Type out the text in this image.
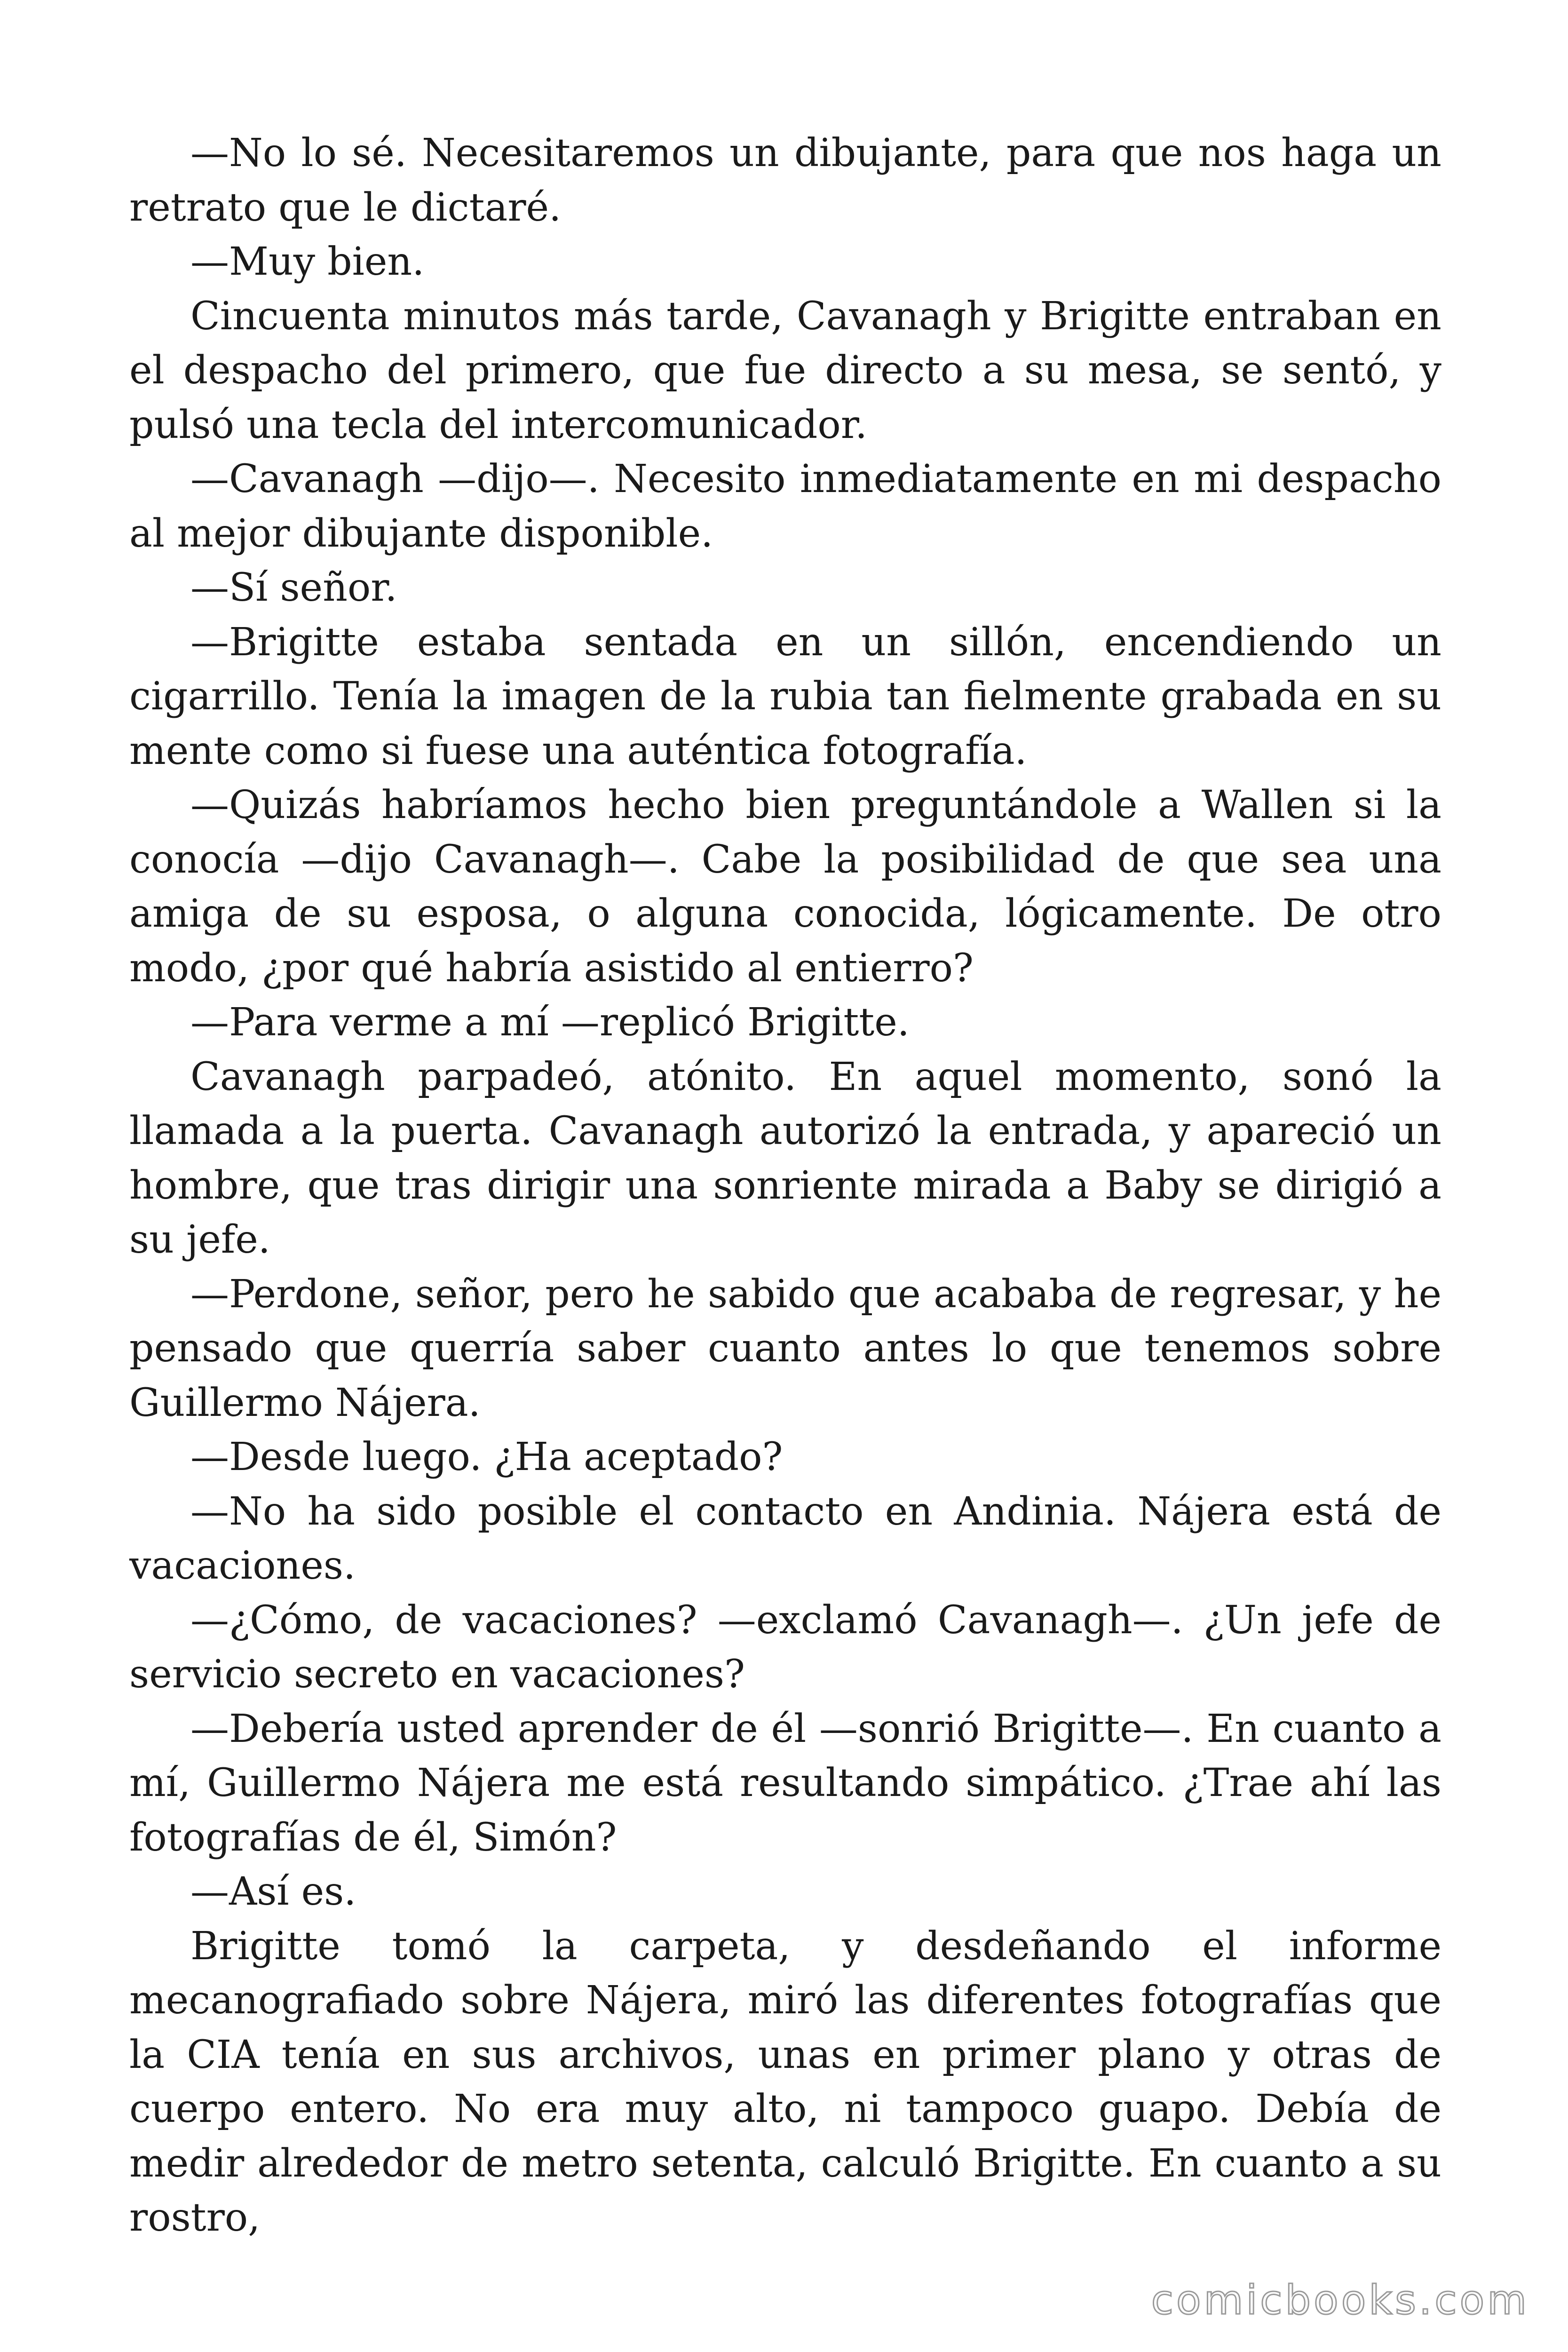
—No lo sé. Necesitaremos un dibujante, para que nos haga un retrato que le dictaré.

—Muy bien.

Cincuenta minutos más tarde, Cavanagh y Brigitte entraban en el despacho del primero, que fue directo a su mesa, se sentó, y pulsó una tecla del intercomunicador.

—Cavanagh —dijo—. Necesito inmediatamente en mi despacho al mejor dibujante disponible.

—Sí señor.

—Brigitte estaba sentada en un sillón, encendiendo un cigarrillo. Tenía la imagen de la rubia tan fielmente grabada en su mente como si fuese una auténtica fotografía.

—Quizás habríamos hecho bien preguntándole a Wallen si la conocía —dijo Cavanagh—. Cabe la posibilidad de que sea una amiga de su esposa, o alguna conocida, lógicamente. De otro modo, ¿por qué habría asistido al entierro?

—Para verme a mí —replicó Brigitte.

Cavanagh parpadeó, atónito. En aquel momento, sonó la llamada a la puerta. Cavanagh autorizó la entrada, y apareció un hombre, que tras dirigir una sonriente mirada a Baby se dirigió a su jefe.

—Perdone, señor, pero he sabido que acababa de regresar, y he pensado que querría saber cuanto antes lo que tenemos sobre Guillermo Nájera.

—Desde luego. ¿Ha aceptado?

—No ha sido posible el contacto en Andinia. Nájera está de vacaciones.

—¿Cómo, de vacaciones? —exclamó Cavanagh—. ¿Un jefe de servicio secreto en vacaciones?

—Debería usted aprender de él —sonrió Brigitte—. En cuanto a mí, Guillermo Nájera me está resultando simpático. ¿Trae ahí las fotografías de él, Simón?

—Así es.

Brigitte tomó la carpeta, y desdeñando el informe mecanografiado sobre Nájera, miró las diferentes fotografías que la CIA tenía en sus archivos, unas en primer plano y otras de cuerpo entero. No era muy alto, ni tampoco guapo. Debía de medir alrededor de metro setenta, calculó Brigitte. En cuanto a su rostro,

comicbooks.com
